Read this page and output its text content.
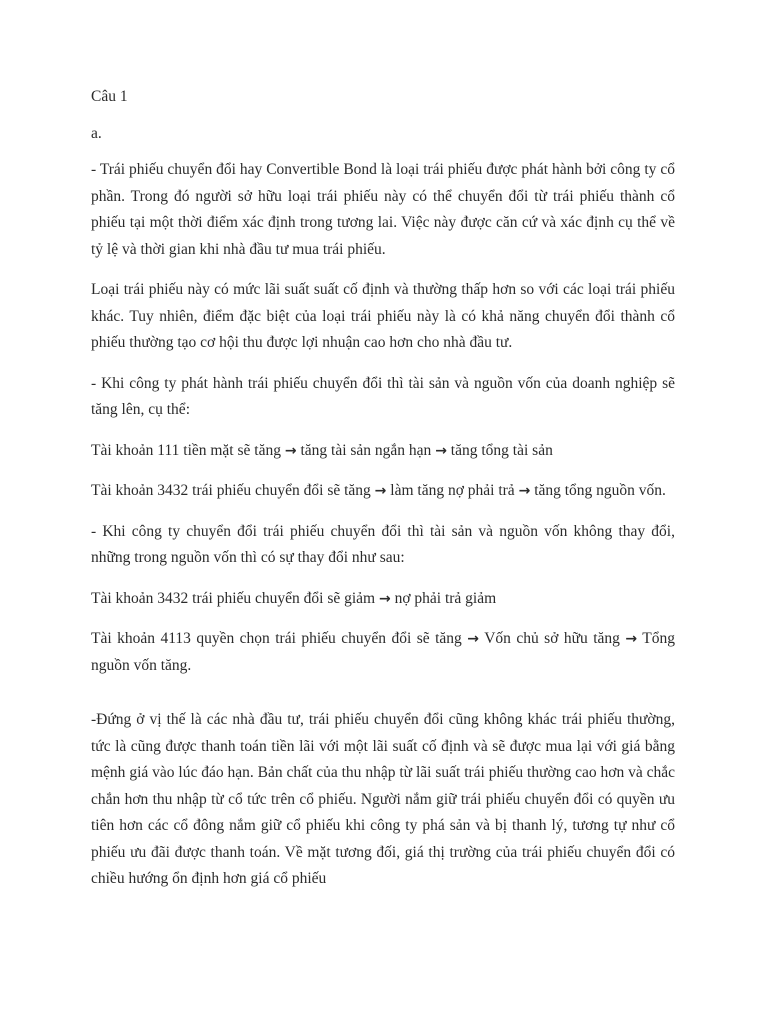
Câu 1

a.

- Trái phiếu chuyển đổi hay Convertible Bond là loại trái phiếu được phát hành bởi công ty cổ phần. Trong đó người sở hữu loại trái phiếu này có thể chuyển đổi từ trái phiếu thành cổ phiếu tại một thời điểm xác định trong tương lai. Việc này được căn cứ và xác định cụ thể về tỷ lệ và thời gian khi nhà đầu tư mua trái phiếu.

Loại trái phiếu này có mức lãi suất suất cố định và thường thấp hơn so với các loại trái phiếu khác. Tuy nhiên, điểm đặc biệt của loại trái phiếu này là có khả năng chuyển đổi thành cổ phiếu thường tạo cơ hội thu được lợi nhuận cao hơn cho nhà đầu tư.

- Khi công ty phát hành trái phiếu chuyển đổi thì tài sản và nguồn vốn của doanh nghiệp sẽ tăng lên, cụ thể:

Tài khoản 111 tiền mặt sẽ tăng → tăng tài sản ngắn hạn → tăng tổng tài sản

Tài khoản 3432 trái phiếu chuyển đổi sẽ tăng → làm tăng nợ phải trả → tăng tổng nguồn vốn.

- Khi công ty chuyển đổi trái phiếu chuyển đổi thì tài sản và nguồn vốn không thay đổi, những trong nguồn vốn thì có sự thay đổi như sau:

Tài khoản 3432 trái phiếu chuyển đổi sẽ giảm → nợ phải trả giảm

Tài khoản 4113 quyền chọn trái phiếu chuyển đổi sẽ tăng → Vốn chủ sở hữu tăng → Tổng nguồn vốn tăng.

-Đứng ở vị thế là các nhà đầu tư, trái phiếu chuyển đổi cũng không khác trái phiếu thường, tức là cũng được thanh toán tiền lãi với một lãi suất cố định và sẽ được mua lại với giá bằng mệnh giá vào lúc đáo hạn. Bản chất của thu nhập từ lãi suất trái phiếu thường cao hơn và chắc chắn hơn thu nhập từ cổ tức trên cổ phiếu. Người nắm giữ trái phiếu chuyển đổi có quyền ưu tiên hơn các cổ đông nắm giữ cổ phiếu khi công ty phá sản và bị thanh lý, tương tự như cổ phiếu ưu đãi được thanh toán. Về mặt tương đối, giá thị trường của trái phiếu chuyển đổi có chiều hướng ổn định hơn giá cổ phiếu
